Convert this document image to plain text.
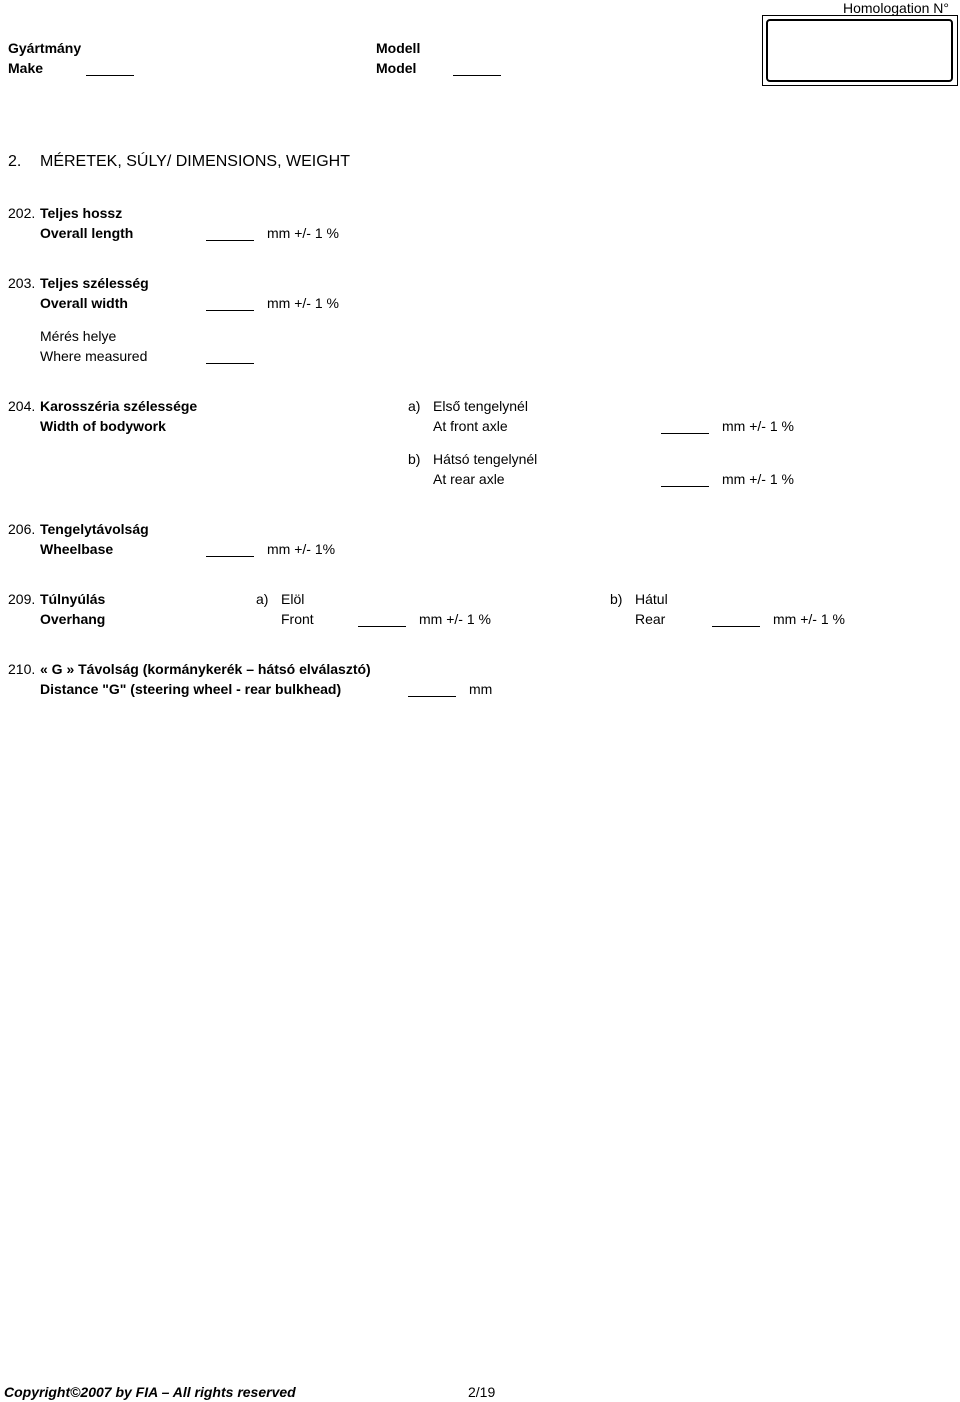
Homologation N°
Gyártmány
Make
Modell
Model
2. MÉRETEK, SÚLY/ DIMENSIONS, WEIGHT
202. Teljes hossz
Overall length	mm +/- 1 %
203. Teljes szélesség
Overall width	mm +/- 1 %
Mérés helye
Where measured
204. Karosszéria szélessége
Width of bodywork
a) Első tengelynél
At front axle	mm +/- 1 %
b) Hátsó tengelynél
At rear axle	mm +/- 1 %
206. Tengelytávolság
Wheelbase	mm +/- 1%
209. Túlnyúlás
Overhang
a) Elöl
Front	mm +/- 1 %
b) Hátul
Rear	mm +/- 1 %
210. « G » Távolság (kormánykerék – hátsó elválasztó)
Distance "G" (steering wheel - rear bulkhead)	mm
Copyright©2007 by FIA – All rights reserved	2/19
